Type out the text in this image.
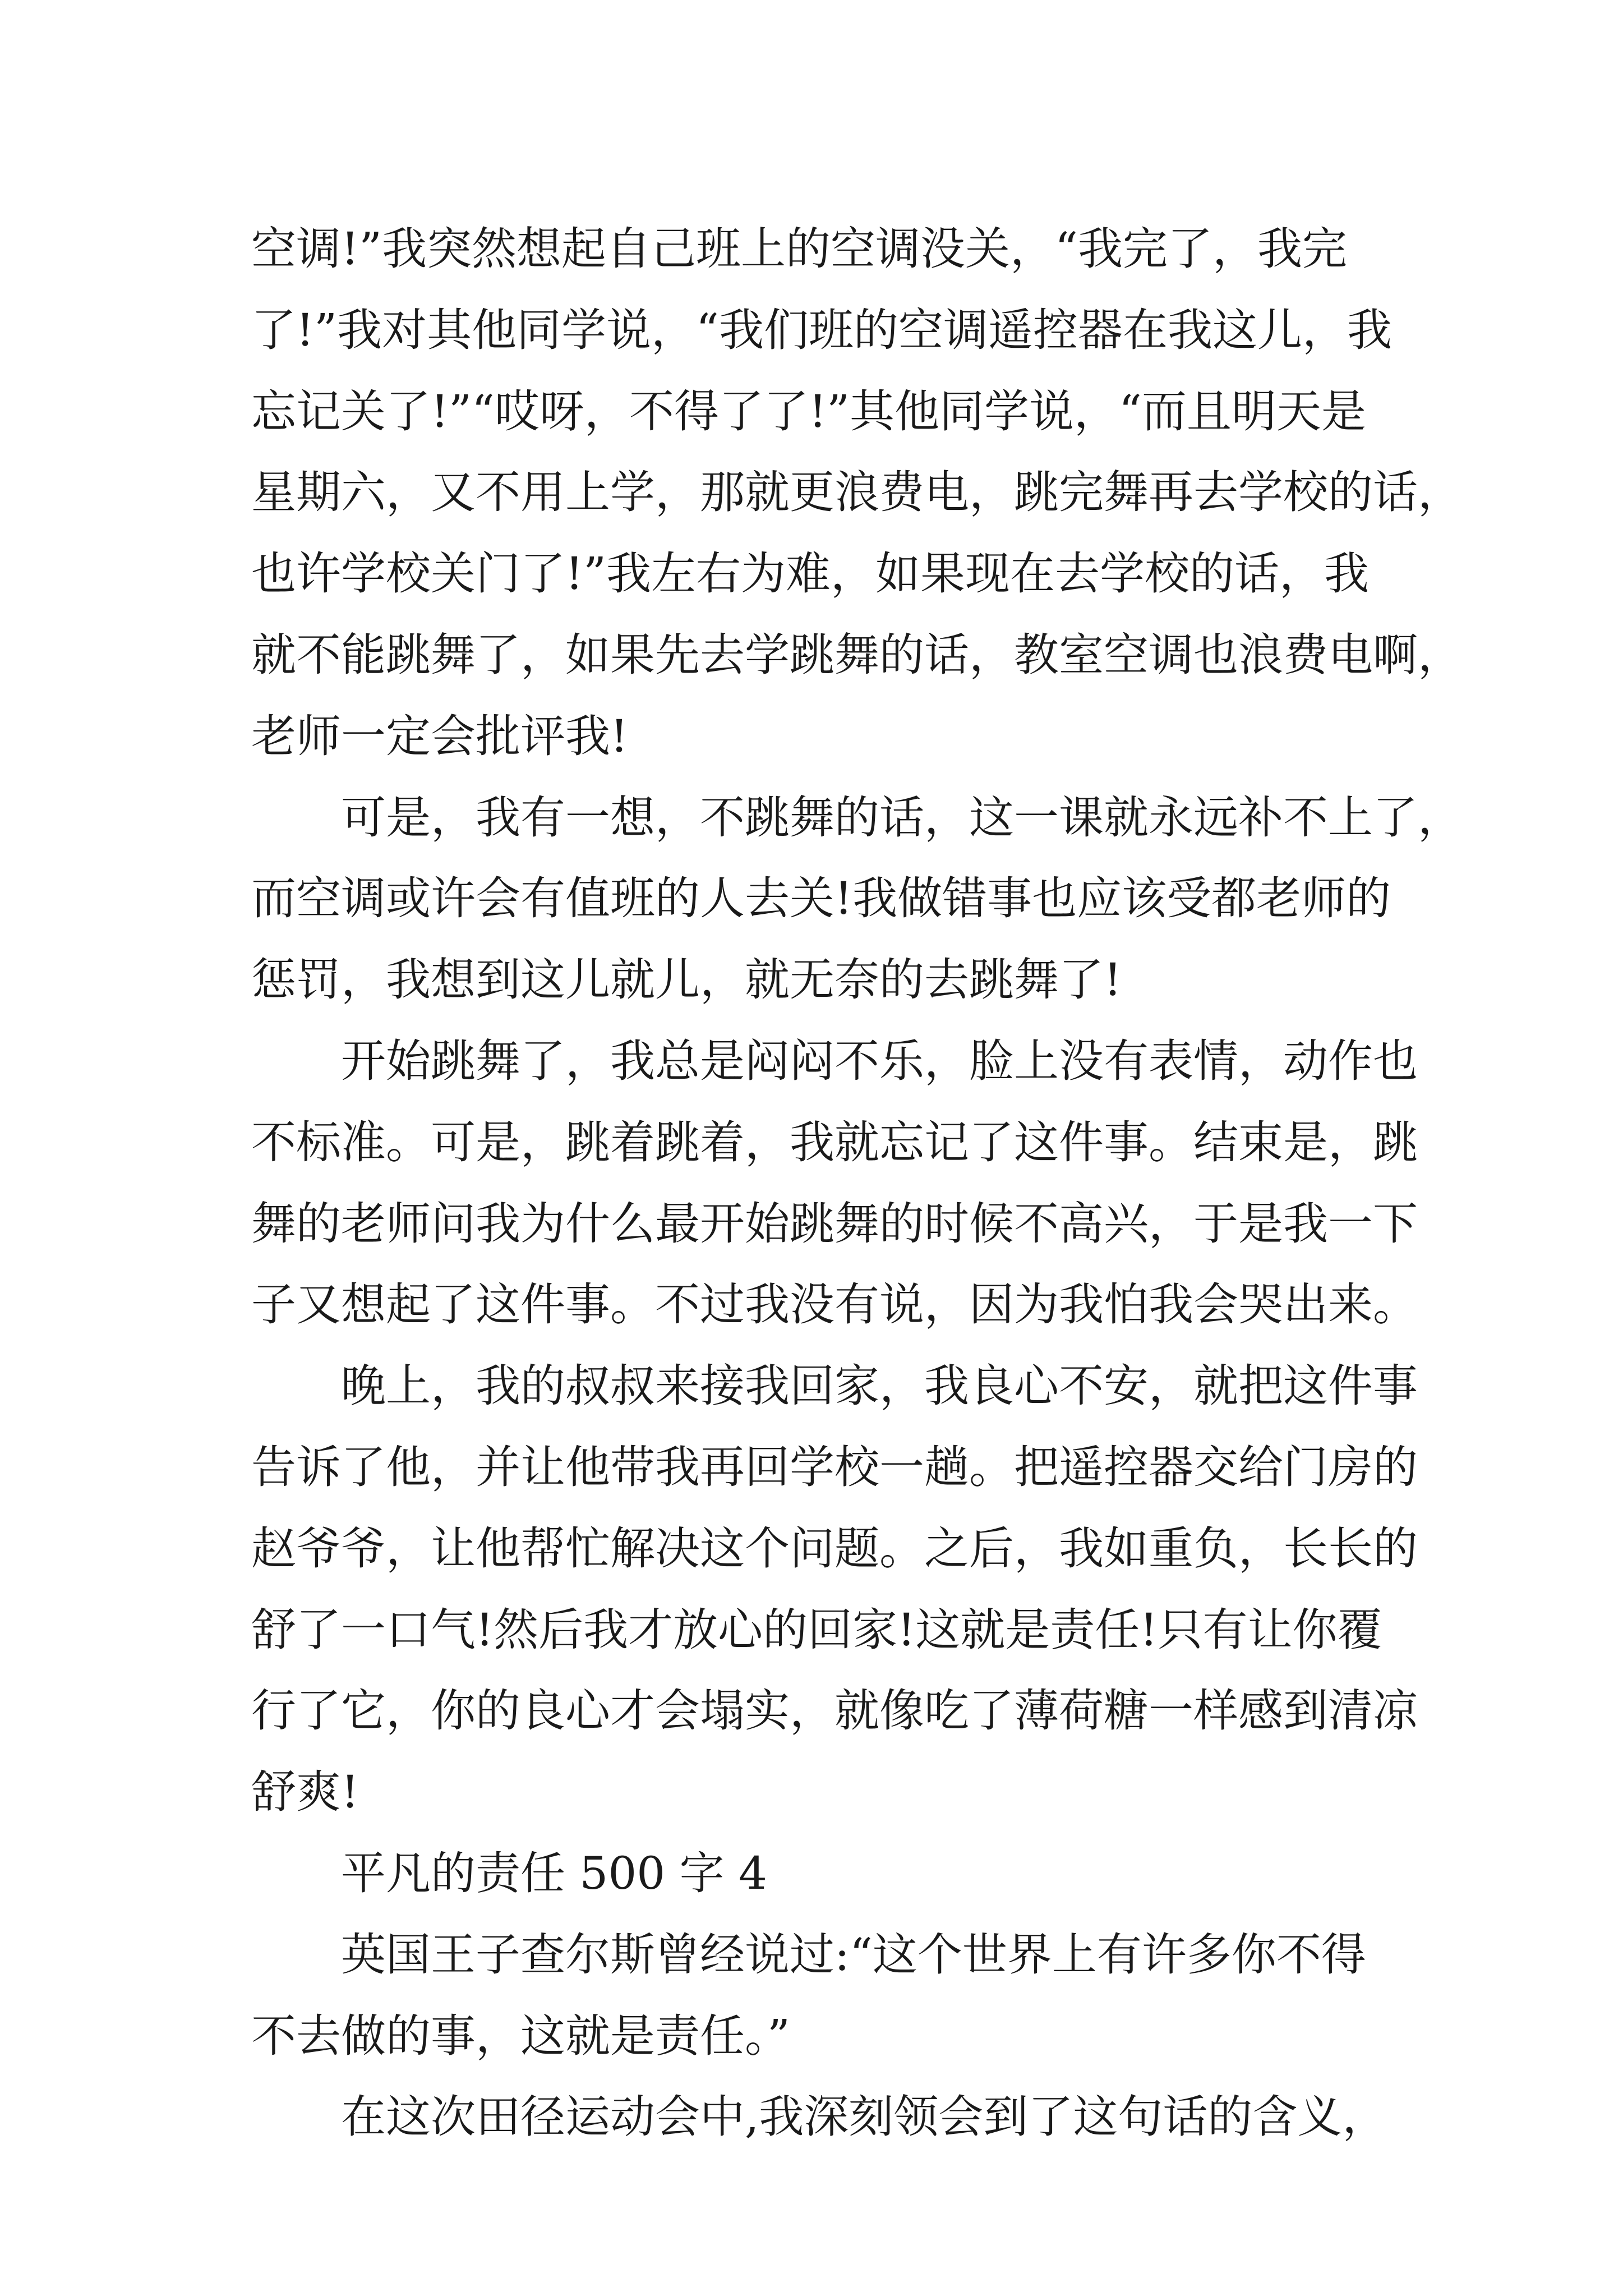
空调!”我突然想起自己班上的空调没关，“我完了，我完
了!”我对其他同学说，“我们班的空调遥控器在我这儿，我
忘记关了!”“哎呀，不得了了!”其他同学说，“而且明天是
星期六，又不用上学，那就更浪费电，跳完舞再去学校的话，
也许学校关门了!”我左右为难，如果现在去学校的话，我
就不能跳舞了，如果先去学跳舞的话，教室空调也浪费电啊，
老师一定会批评我!
可是，我有一想，不跳舞的话，这一课就永远补不上了，
而空调或许会有值班的人去关!我做错事也应该受都老师的
惩罚，我想到这儿就儿，就无奈的去跳舞了!
开始跳舞了，我总是闷闷不乐，脸上没有表情，动作也
不标准。可是，跳着跳着，我就忘记了这件事。结束是，跳
舞的老师问我为什么最开始跳舞的时候不高兴，于是我一下
子又想起了这件事。不过我没有说，因为我怕我会哭出来。
晚上，我的叔叔来接我回家，我良心不安，就把这件事
告诉了他，并让他带我再回学校一趟。把遥控器交给门房的
赵爷爷，让他帮忙解决这个问题。之后，我如重负，长长的
舒了一口气!然后我才放心的回家!这就是责任!只有让你覆
行了它，你的良心才会塌实，就像吃了薄荷糖一样感到清凉
舒爽!
平凡的责任 500 字 4
英国王子查尔斯曾经说过:“这个世界上有许多你不得
不去做的事，这就是责任。”
在这次田径运动会中,我深刻领会到了这句话的含义，
